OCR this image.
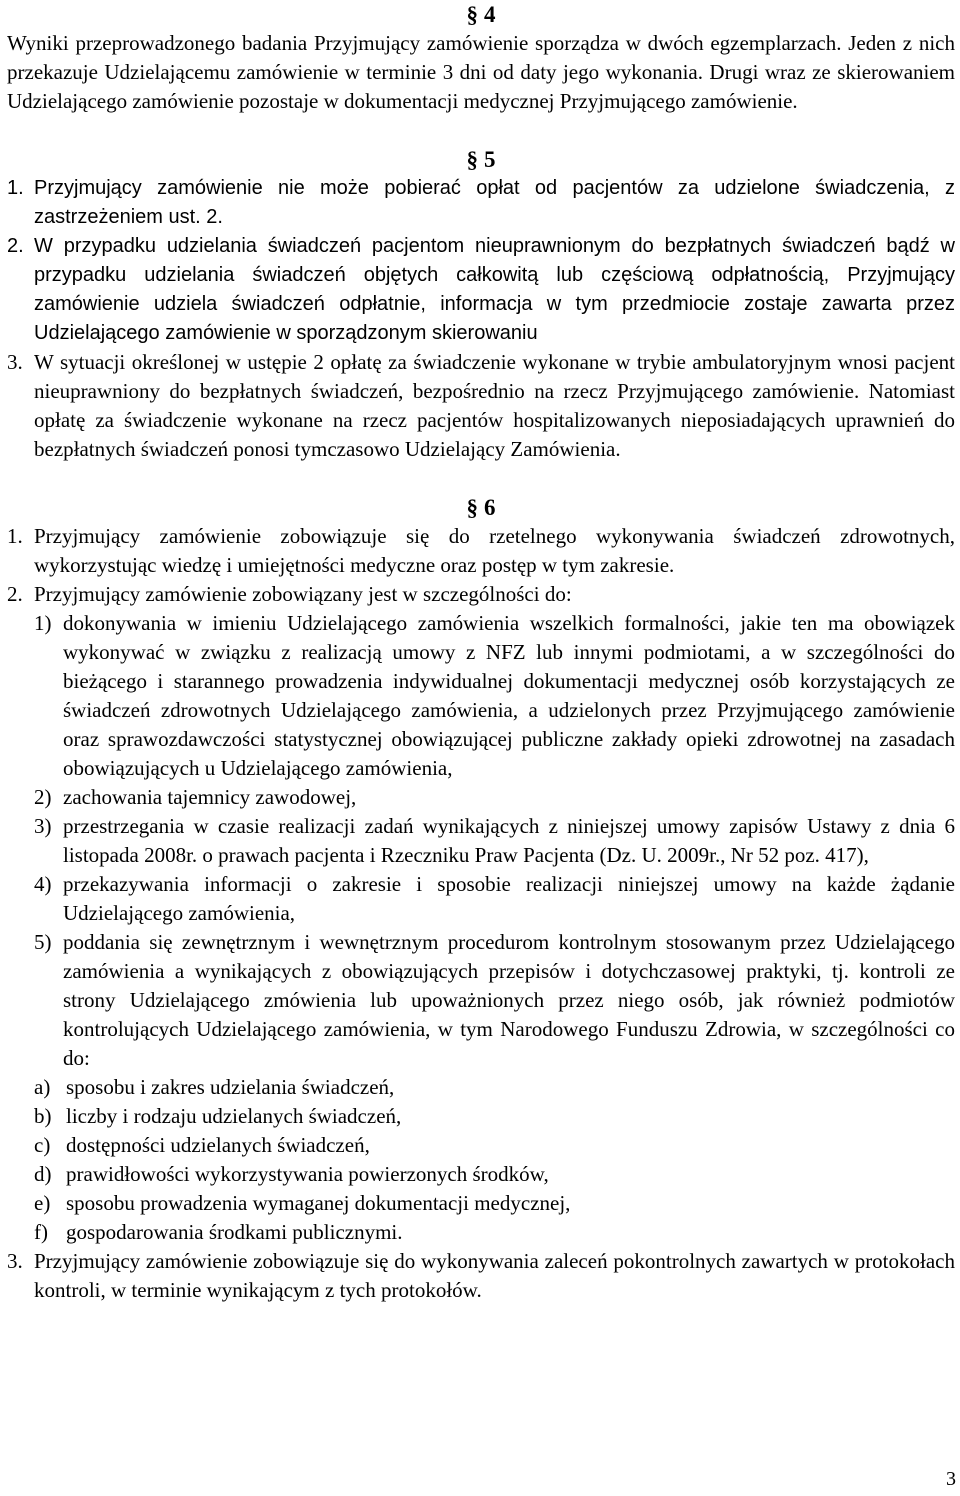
§ 4

Wyniki przeprowadzonego badania Przyjmujący zamówienie sporządza w dwóch egzemplarzach. Jeden z nich przekazuje Udzielającemu zamówienie w terminie 3 dni od daty jego wykonania. Drugi wraz ze skierowaniem Udzielającego zamówienie pozostaje w dokumentacji medycznej Przyjmującego zamówienie.

§ 5
1. Przyjmujący zamówienie nie może pobierać opłat od pacjentów za udzielone świadczenia, z zastrzeżeniem ust. 2.
2. W przypadku udzielania świadczeń pacjentom nieuprawnionym do bezpłatnych świadczeń bądź w przypadku udzielania świadczeń objętych całkowitą lub częściową odpłatnością, Przyjmujący zamówienie udziela świadczeń odpłatnie, informacja w tym przedmiocie zostaje zawarta przez Udzielającego zamówienie w sporządzonym skierowaniu
3. W sytuacji określonej w ustępie 2 opłatę za świadczenie wykonane w trybie ambulatoryjnym wnosi pacjent nieuprawniony do bezpłatnych świadczeń, bezpośrednio na rzecz Przyjmującego zamówienie. Natomiast opłatę za świadczenie wykonane na rzecz pacjentów hospitalizowanych nieposiadających uprawnień do bezpłatnych świadczeń ponosi tymczasowo Udzielający Zamówienia.
§ 6
1. Przyjmujący zamówienie zobowiązuje się do rzetelnego wykonywania świadczeń zdrowotnych, wykorzystując wiedzę i umiejętności medyczne oraz postęp w tym zakresie.
2. Przyjmujący zamówienie zobowiązany jest w szczególności do:
1) dokonywania w imieniu Udzielającego zamówienia wszelkich formalności, jakie ten ma obowiązek wykonywać w związku z realizacją umowy z NFZ lub innymi podmiotami, a w szczególności do bieżącego i starannego prowadzenia indywidualnej dokumentacji medycznej osób korzystających ze świadczeń zdrowotnych Udzielającego zamówienia, a udzielonych przez Przyjmującego zamówienie oraz sprawozdawczości statystycznej obowiązującej publiczne zakłady opieki zdrowotnej na zasadach obowiązujących u Udzielającego zamówienia,
2) zachowania tajemnicy zawodowej,
3) przestrzegania w czasie realizacji zadań wynikających z niniejszej umowy zapisów Ustawy z dnia 6 listopada 2008r. o prawach pacjenta i Rzeczniku Praw Pacjenta (Dz. U. 2009r., Nr 52 poz. 417),
4) przekazywania informacji o zakresie i sposobie realizacji niniejszej umowy na każde żądanie Udzielającego zamówienia,
5) poddania się zewnętrznym i wewnętrznym procedurom kontrolnym stosowanym przez Udzielającego zamówienia a wynikających z obowiązujących przepisów i dotychczasowej praktyki, tj. kontroli ze strony Udzielającego zmówienia lub upoważnionych przez niego osób, jak również podmiotów kontrolujących Udzielającego zamówienia, w tym Narodowego Funduszu Zdrowia, w szczególności co do:
a) sposobu i zakres udzielania świadczeń,
b) liczby i rodzaju udzielanych świadczeń,
c) dostępności udzielanych świadczeń,
d) prawidłowości wykorzystywania powierzonych środków,
e) sposobu prowadzenia wymaganej dokumentacji medycznej,
f) gospodarowania środkami publicznymi.
3. Przyjmujący zamówienie zobowiązuje się do wykonywania zaleceń pokontrolnych zawartych w protokołach kontroli, w terminie wynikającym z tych protokołów.
3
